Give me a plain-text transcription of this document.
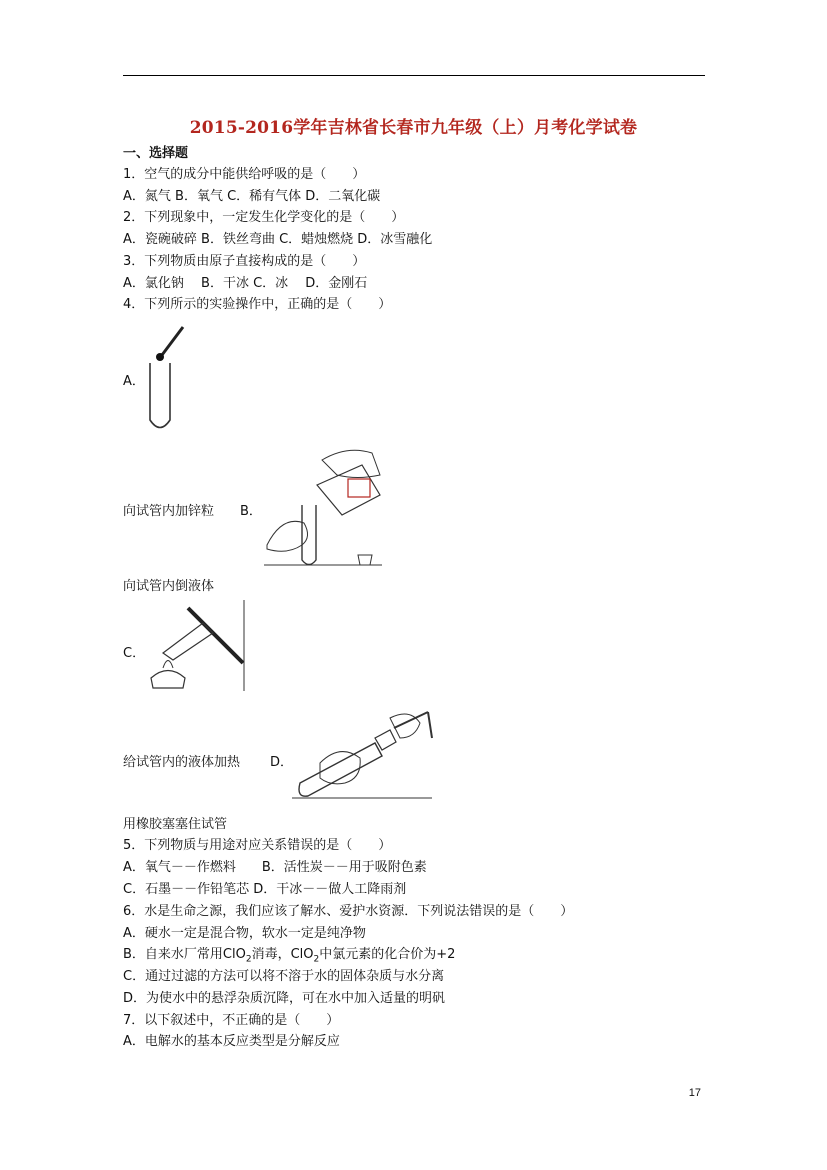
2015-2016学年吉林省长春市九年级（上）月考化学试卷
一、选择题
1．空气的成分中能供给呼吸的是（　　）
A．氮气 B．氧气 C．稀有气体 D．二氧化碳
2．下列现象中，一定发生化学变化的是（　　）
A．瓷碗破碎 B．铁丝弯曲 C．蜡烛燃烧 D．冰雪融化
3．下列物质由原子直接构成的是（　　）
A．氯化钠　 B．干冰 C．冰　 D．金刚石
4．下列所示的实验操作中，正确的是（　　）
A．
向试管内加锌粒 B．
向试管内倒液体
C．
给试管内的液体加热 D．
用橡胶塞塞住试管
5．下列物质与用途对应关系错误的是（　　）
A．氧气－－作燃料　　B．活性炭－－用于吸附色素
C．石墨－－作铅笔芯 D．干冰－－做人工降雨剂
6．水是生命之源，我们应该了解水、爱护水资源．下列说法错误的是（　　）
A．硬水一定是混合物，软水一定是纯净物
B．自来水厂常用ClO$_2$消毒，ClO$_2$中氯元素的化合价为+2
C．通过过滤的方法可以将不溶于水的固体杂质与水分离
D．为使水中的悬浮杂质沉降，可在水中加入适量的明矾
7．以下叙述中，不正确的是（　　）
A．电解水的基本反应类型是分解反应
17
